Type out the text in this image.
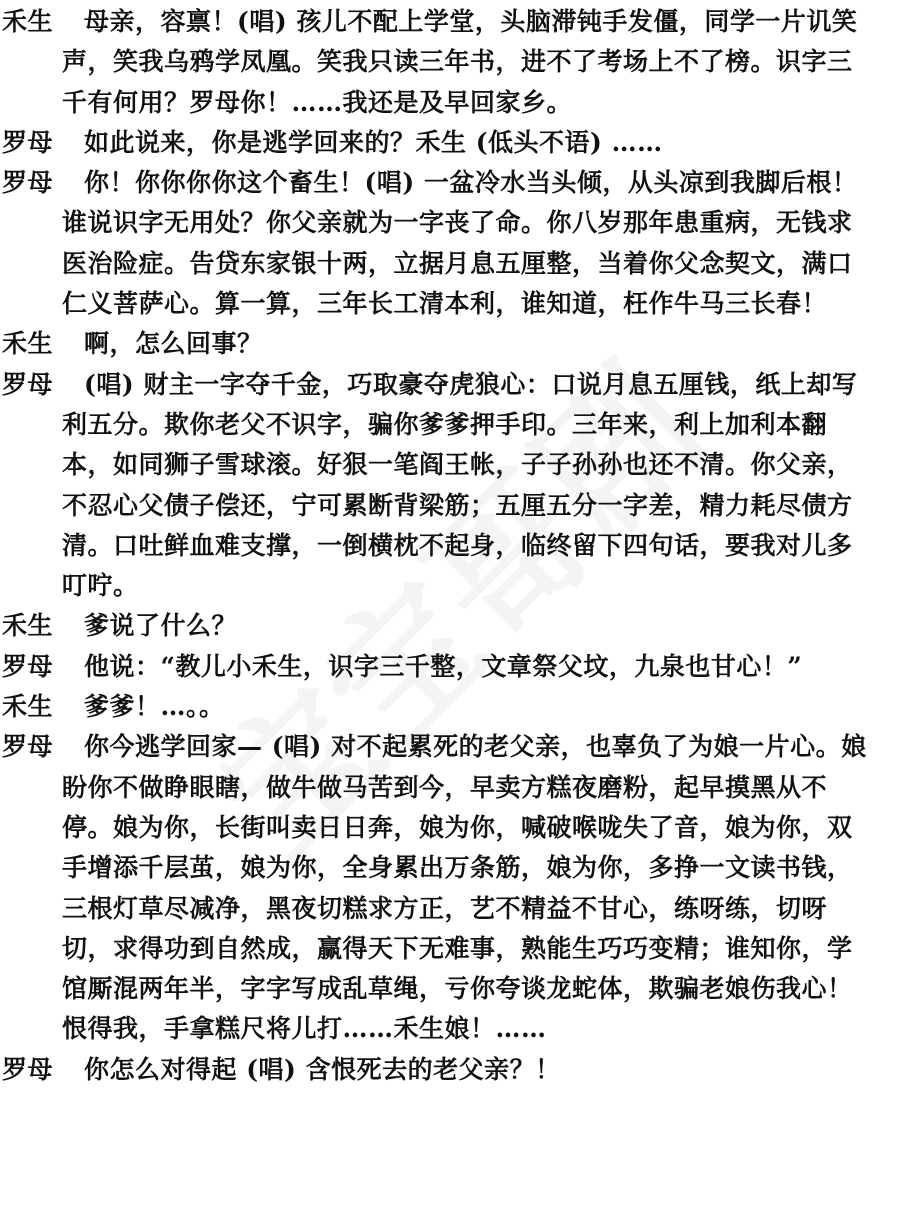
禾生	母亲，容禀！(唱) 孩儿不配上学堂，头脑滞钝手发僵，同学一片讥笑声，笑我乌鸦学凤凰。笑我只读三年书，进不了考场上不了榜。识字三千有何用？罗母你！……我还是及早回家乡。

罗母	如此说来，你是逃学回来的？禾生 (低头不语) ……

罗母	你！你你你你这个畜生！(唱) 一盆冷水当头倾，从头凉到我脚后根！谁说识字无用处？你父亲就为一字丧了命。你八岁那年患重病，无钱求医治险症。告贷东家银十两，立据月息五厘整，当着你父念契文，满口仁义菩萨心。算一算，三年长工清本利，谁知道，枉作牛马三长春！

禾生	啊，怎么回事？

罗母	(唱) 财主一字夺千金，巧取豪夺虎狼心：口说月息五厘钱，纸上却写利五分。欺你老父不识字，骗你爹爹押手印。三年来，利上加利本翻本，如同狮子雪球滚。好狠一笔阎王帐，子子孙孙也还不清。你父亲，不忍心父债子偿还，宁可累断背梁筋；五厘五分一字差，精力耗尽债方清。口吐鲜血难支撑，一倒横枕不起身，临终留下四句话，要我对儿多叮咛。

禾生	爹说了什么？

罗母	他说：“教儿小禾生，识字三千整，文章祭父坟，九泉也甘心！”

禾生	爹爹！…。。

罗母	你今逃学回家— (唱) 对不起累死的老父亲，也辜负了为娘一片心。娘盼你不做睁眼瞎，做牛做马苦到今，早卖方糕夜磨粉，起早摸黑从不停。娘为你，长街叫卖日日奔，娘为你，喊破喉咙失了音，娘为你，双手增添千层茧，娘为你，全身累出万条筋，娘为你，多挣一文读书钱，三根灯草尽减净，黑夜切糕求方正，艺不精益不甘心，练呀练，切呀切，求得功到自然成，赢得天下无难事，熟能生巧巧变精；谁知你，学馆厮混两年半，字字写成乱草绳，亏你夸谈龙蛇体，欺骗老娘伤我心！恨得我，手拿糕尺将儿打……禾生娘！……

罗母	你怎么对得起 (唱) 含恨死去的老父亲？！
